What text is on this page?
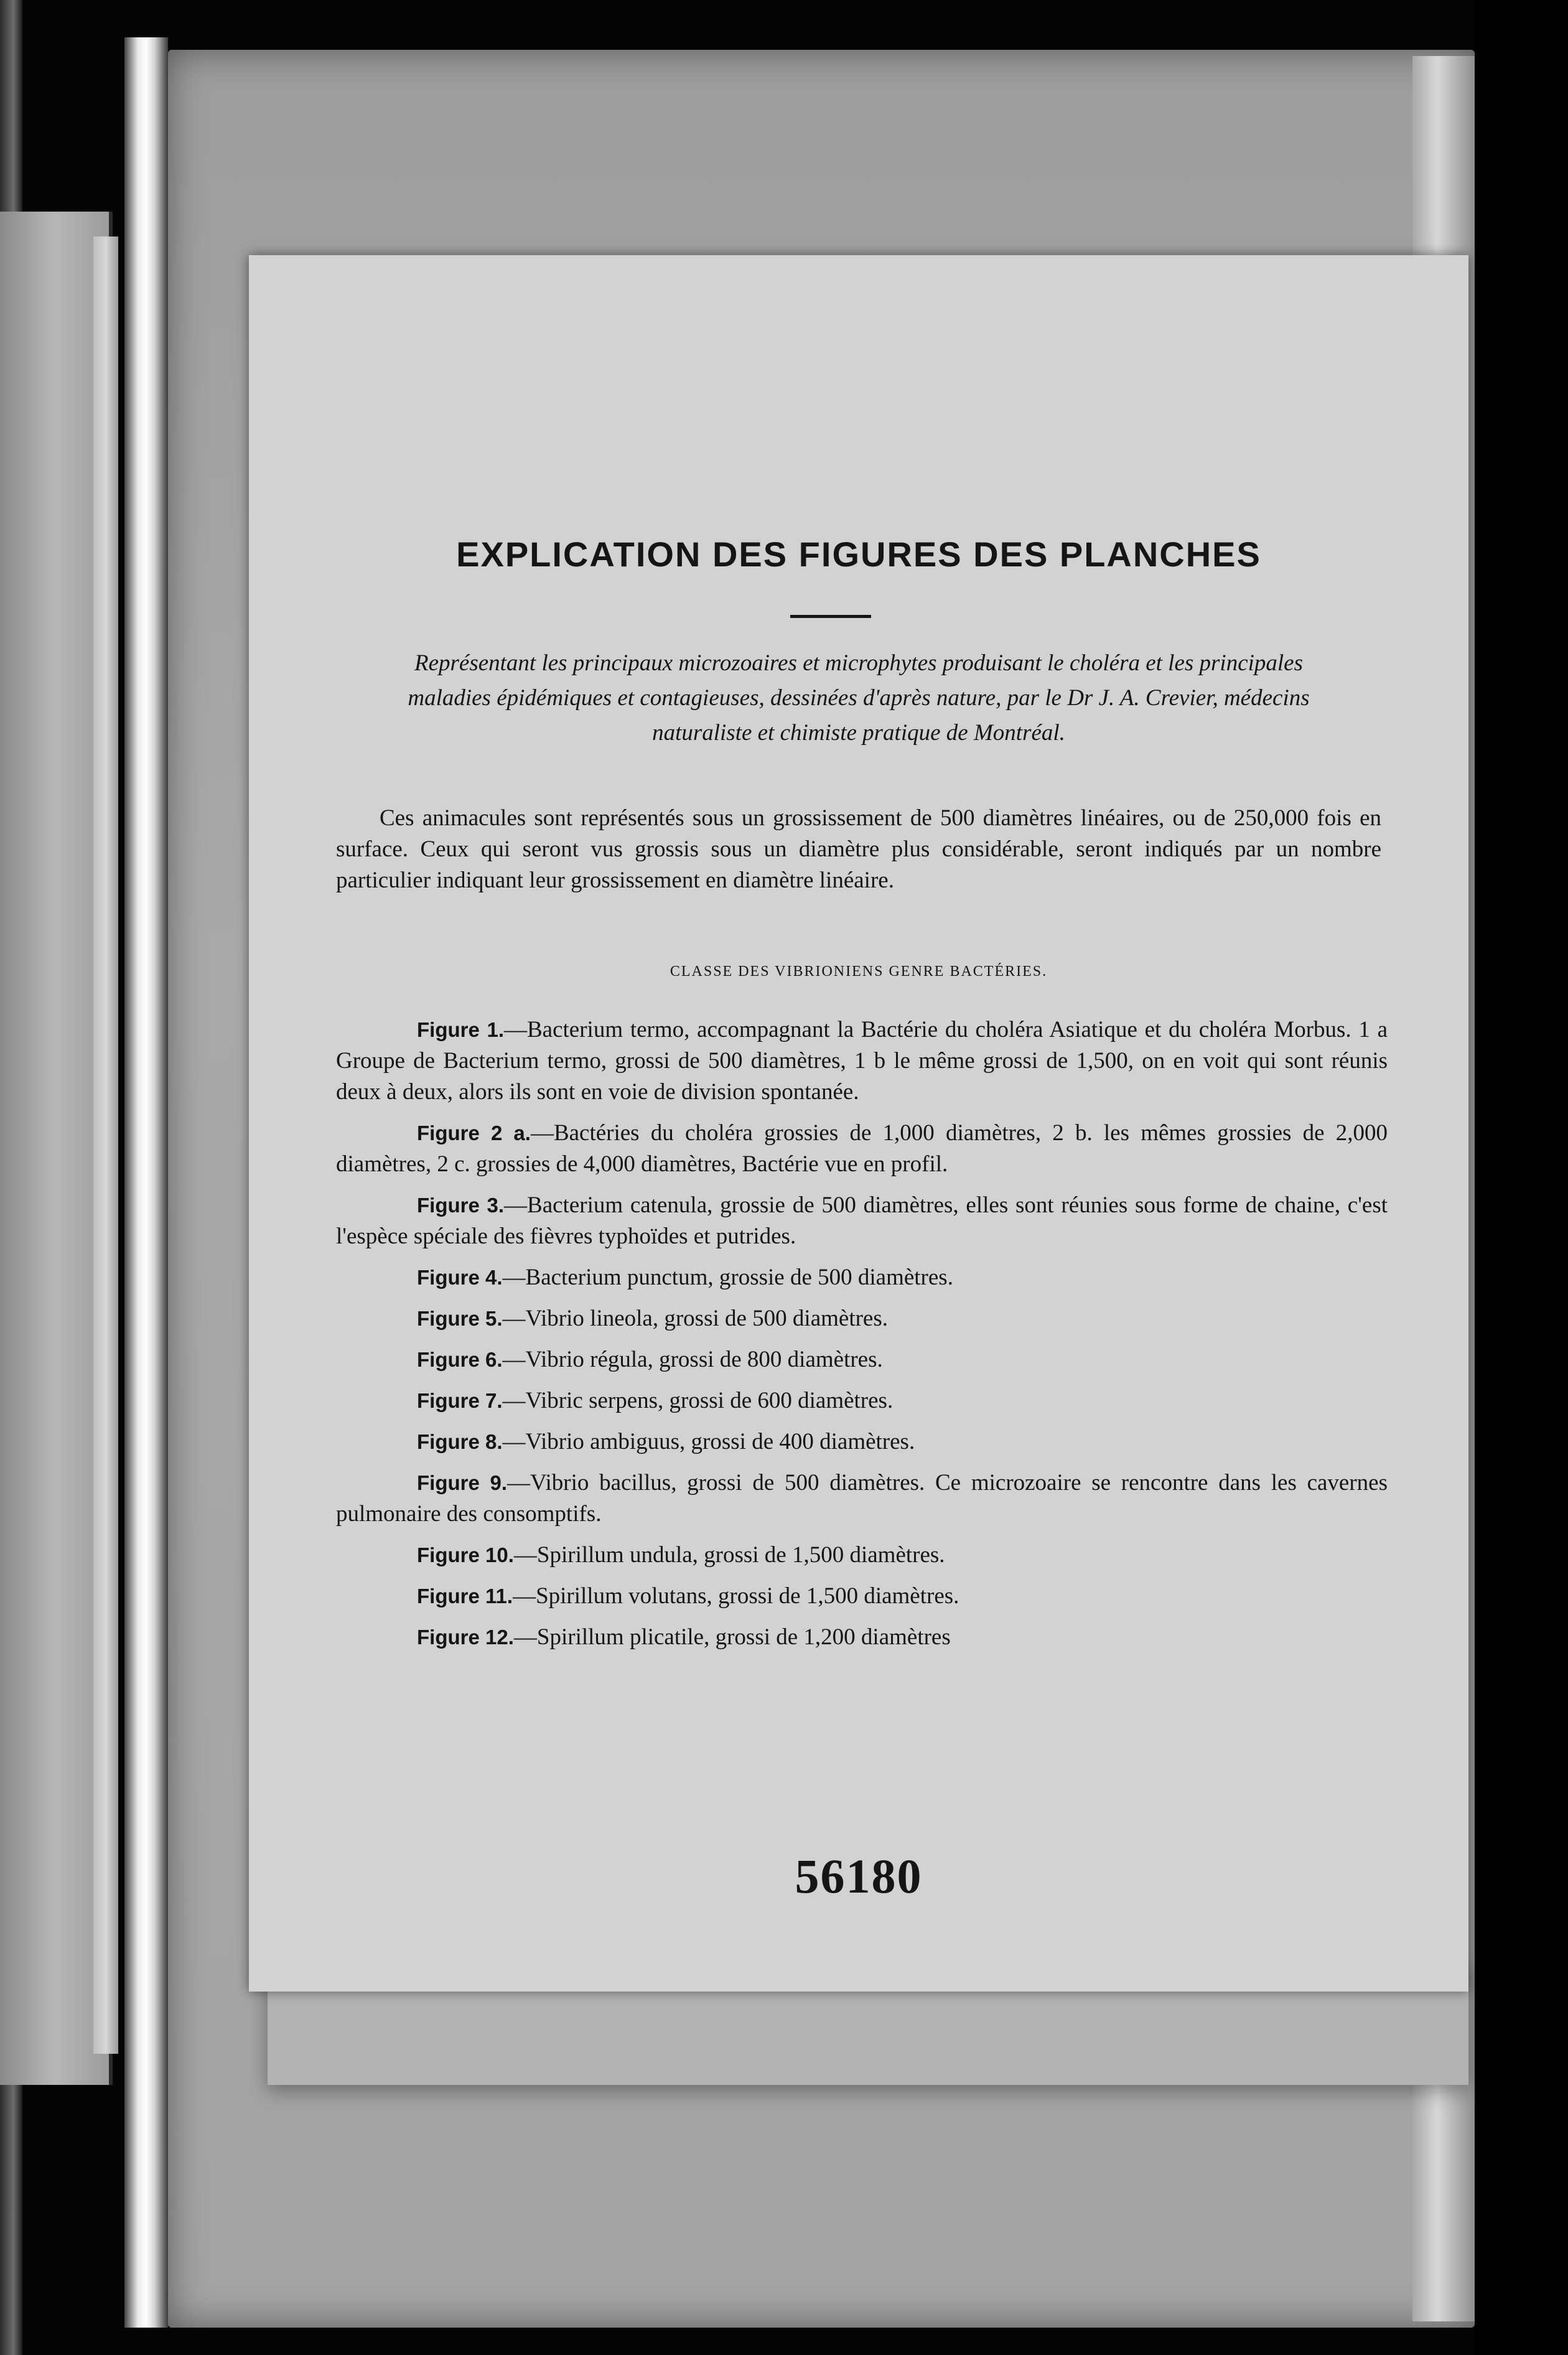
EXPLICATION DES FIGURES DES PLANCHES
Représentant les principaux microzoaires et microphytes produisant le choléra et les principales maladies épidémiques et contagieuses, dessinées d'après nature, par le Dr J. A. Crevier, médecins naturaliste et chimiste pratique de Montréal.
Ces animacules sont représentés sous un grossissement de 500 diamètres linéaires, ou de 250,000 fois en surface. Ceux qui seront vus grossis sous un diamètre plus considérable, seront indiqués par un nombre particulier indiquant leur grossissement en diamètre linéaire.
CLASSE DES VIBRIONIENS GENRE BACTÉRIES.

Figure 1.—Bacterium termo, accompagnant la Bactérie du choléra Asiatique et du choléra Morbus. 1 a Groupe de Bacterium termo, grossi de 500 diamètres, 1 b le même grossi de 1,500, on en voit qui sont réunis deux à deux, alors ils sont en voie de division spontanée.

Figure 2 a.—Bactéries du choléra grossies de 1,000 diamètres, 2 b. les mêmes grossies de 2,000 diamètres, 2 c. grossies de 4,000 diamètres, Bactérie vue en profil.

Figure 3.—Bacterium catenula, grossie de 500 diamètres, elles sont réunies sous forme de chaine, c'est l'espèce spéciale des fièvres typhoïdes et putrides.

Figure 4.—Bacterium punctum, grossie de 500 diamètres.

Figure 5.—Vibrio lineola, grossi de 500 diamètres.

Figure 6.—Vibrio régula, grossi de 800 diamètres.

Figure 7.—Vibric serpens, grossi de 600 diamètres.

Figure 8.—Vibrio ambiguus, grossi de 400 diamètres.

Figure 9.—Vibrio bacillus, grossi de 500 diamètres. Ce microzoaire se rencontre dans les cavernes pulmonaire des consomptifs.

Figure 10.—Spirillum undula, grossi de 1,500 diamètres.

Figure 11.—Spirillum volutans, grossi de 1,500 diamètres.

Figure 12.—Spirillum plicatile, grossi de 1,200 diamètres

56180
